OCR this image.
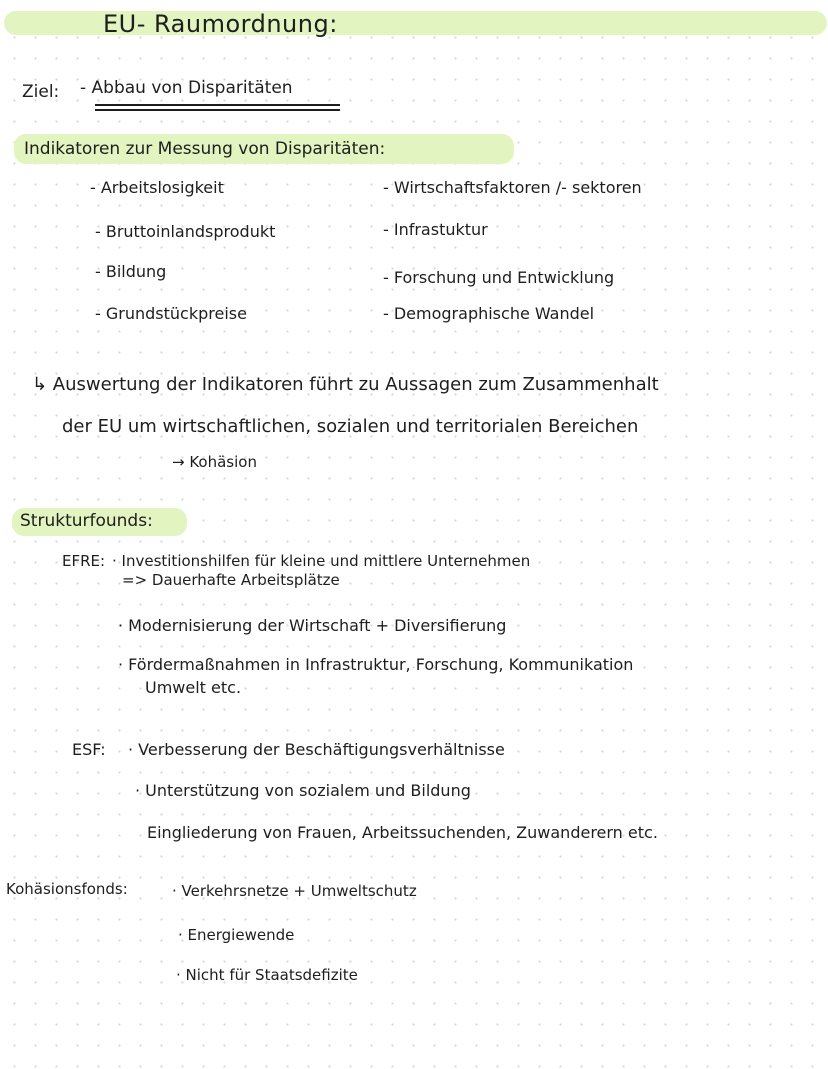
EU- Raumordnung:
Ziel: - Abbau von Disparitäten
Indikatoren zur Messung von Disparitäten:
- Arbeitslosigkeit
- Bruttoinlandsprodukt
- Bildung
- Grundstückpreise
- Wirtschaftsfaktoren /- sektoren
- Infrastuktur
- Forschung und Entwicklung
- Demographische Wandel
↳ Auswertung der Indikatoren führt zu Aussagen zum Zusammenhalt
der EU um wirtschaftlichen, sozialen und territorialen Bereichen
→ Kohäsion
Strukturfounds:
EFRE: · Investitionshilfen für kleine und mittlere Unternehmen
=> Dauerhafte Arbeitsplätze
· Modernisierung der Wirtschaft + Diversifierung
· Fördermaßnahmen in Infrastruktur, Forschung, Kommunikation
Umwelt etc.
ESF: · Verbesserung der Beschäftigungsverhältnisse
· Unterstützung von sozialem und Bildung
Eingliederung von Frauen, Arbeitssuchenden, Zuwanderern etc.
Kohäsionsfonds:	· Verkehrsnetze + Umweltschutz
· Energiewende
· Nicht für Staatsdefizite
